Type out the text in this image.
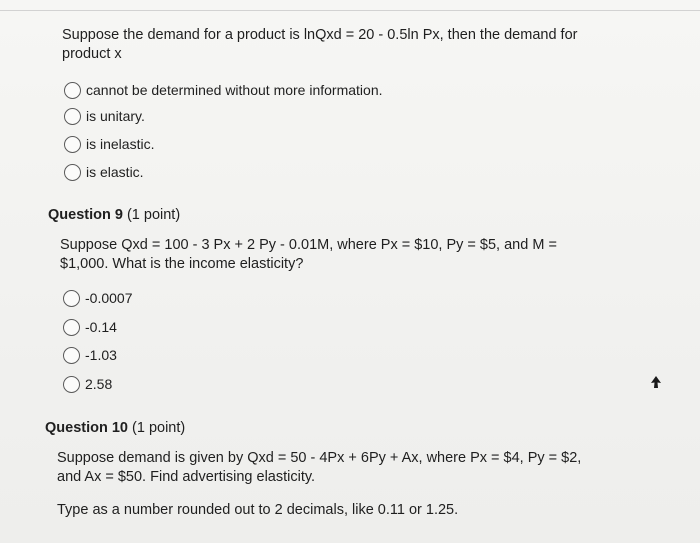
Suppose the demand for a product is lnQxd = 20 - 0.5ln Px, then the demand for
product x
cannot be determined without more information.
is unitary.
is inelastic.
is elastic.
Question 9 (1 point)
Suppose Qxd = 100 - 3 Px + 2 Py - 0.01M, where Px = $10, Py = $5, and M =
$1,000. What is the income elasticity?
-0.0007
-0.14
-1.03
2.58
Question 10 (1 point)
Suppose demand is given by Qxd = 50 - 4Px + 6Py + Ax, where Px = $4, Py = $2,
and Ax = $50. Find advertising elasticity.
Type as a number rounded out to 2 decimals, like 0.11 or 1.25.
